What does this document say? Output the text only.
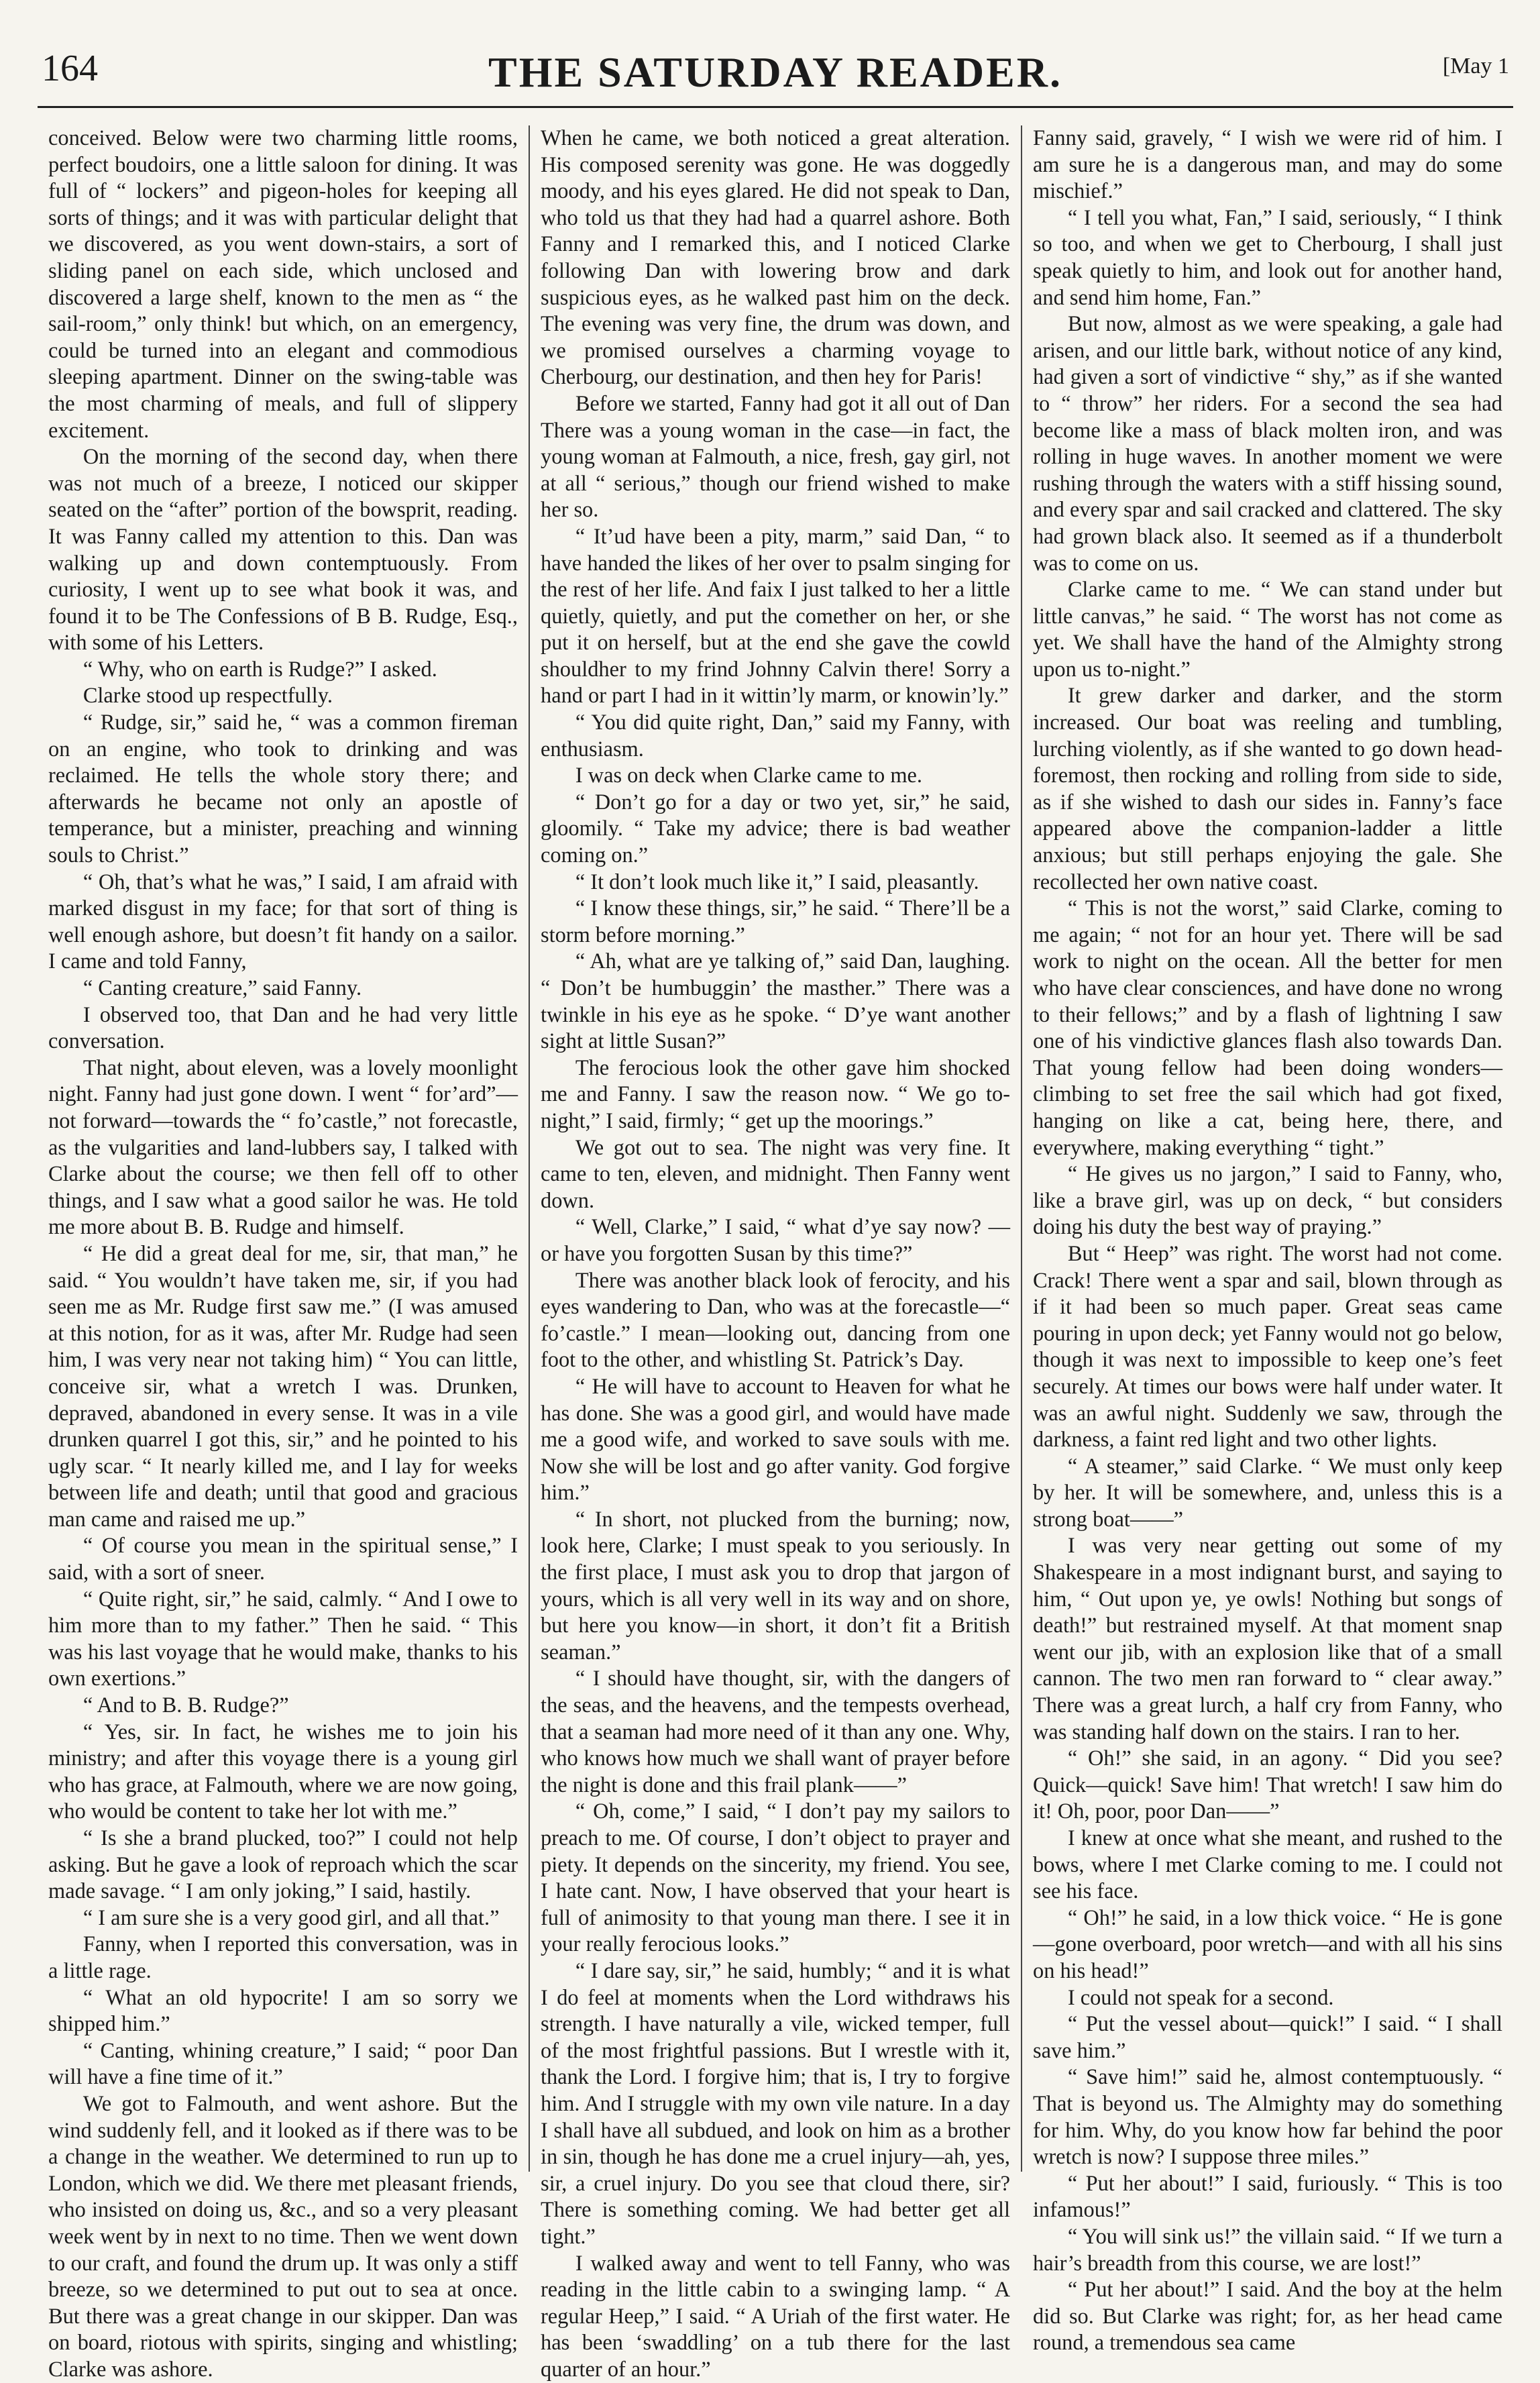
164	THE SATURDAY READER.	[May 1

conceived. Below were two charming little rooms, perfect boudoirs, one a little saloon for dining. It was full of “ lockers” and pigeon-holes for keeping all sorts of things; and it was with particular delight that we discovered, as you went down-stairs, a sort of sliding panel on each side, which unclosed and discovered a large shelf, known to the men as “ the sail-room,” only think! but which, on an emergency, could be turned into an elegant and commodious sleeping apartment. Dinner on the swing-table was the most charming of meals, and full of slippery excitement.

On the morning of the second day, when there was not much of a breeze, I noticed our skipper seated on the “after” portion of the bowsprit, reading. It was Fanny called my attention to this. Dan was walking up and down contemptuously. From curiosity, I went up to see what book it was, and found it to be The Confessions of B B. Rudge, Esq., with some of his Letters.

“ Why, who on earth is Rudge?” I asked.

Clarke stood up respectfully.

“ Rudge, sir,” said he, “ was a common fireman on an engine, who took to drinking and was reclaimed. He tells the whole story there; and afterwards he became not only an apostle of temperance, but a minister, preaching and winning souls to Christ.”

“ Oh, that’s what he was,” I said, I am afraid with marked disgust in my face; for that sort of thing is well enough ashore, but doesn’t fit handy on a sailor. I came and told Fanny,

“ Canting creature,” said Fanny.

I observed too, that Dan and he had very little conversation.

That night, about eleven, was a lovely moonlight night. Fanny had just gone down. I went “ for’ard”—not forward—towards the “ fo’castle,” not forecastle, as the vulgarities and land-lubbers say, I talked with Clarke about the course; we then fell off to other things, and I saw what a good sailor he was. He told me more about B. B. Rudge and himself.

“ He did a great deal for me, sir, that man,” he said. “ You wouldn’t have taken me, sir, if you had seen me as Mr. Rudge first saw me.” (I was amused at this notion, for as it was, after Mr. Rudge had seen him, I was very near not taking him) “ You can little, conceive sir, what a wretch I was. Drunken, depraved, abandoned in every sense. It was in a vile drunken quarrel I got this, sir,” and he pointed to his ugly scar. “ It nearly killed me, and I lay for weeks between life and death; until that good and gracious man came and raised me up.”

“ Of course you mean in the spiritual sense,” I said, with a sort of sneer.

“ Quite right, sir,” he said, calmly. “ And I owe to him more than to my father.” Then he said. “ This was his last voyage that he would make, thanks to his own exertions.”

“ And to B. B. Rudge?”

“ Yes, sir. In fact, he wishes me to join his ministry; and after this voyage there is a young girl who has grace, at Falmouth, where we are now going, who would be content to take her lot with me.”

“ Is she a brand plucked, too?” I could not help asking. But he gave a look of reproach which the scar made savage. “ I am only joking,” I said, hastily.

“ I am sure she is a very good girl, and all that.”

Fanny, when I reported this conversation, was in a little rage.

“ What an old hypocrite! I am so sorry we shipped him.”

“ Canting, whining creature,” I said; “ poor Dan will have a fine time of it.”

We got to Falmouth, and went ashore. But the wind suddenly fell, and it looked as if there was to be a change in the weather. We determined to run up to London, which we did. We there met pleasant friends, who insisted on doing us, &c., and so a very pleasant week went by in next to no time. Then we went down to our craft, and found the drum up. It was only a stiff breeze, so we determined to put out to sea at once. But there was a great change in our skipper. Dan was on board, riotous with spirits, singing and whistling; Clarke was ashore.

When he came, we both noticed a great alteration. His composed serenity was gone. He was doggedly moody, and his eyes glared. He did not speak to Dan, who told us that they had had a quarrel ashore. Both Fanny and I remarked this, and I noticed Clarke following Dan with lowering brow and dark suspicious eyes, as he walked past him on the deck. The evening was very fine, the drum was down, and we promised ourselves a charming voyage to Cherbourg, our destination, and then hey for Paris!

Before we started, Fanny had got it all out of Dan There was a young woman in the case—in fact, the young woman at Falmouth, a nice, fresh, gay girl, not at all “ serious,” though our friend wished to make her so.

“ It’ud have been a pity, marm,” said Dan, “ to have handed the likes of her over to psalm singing for the rest of her life. And faix I just talked to her a little quietly, quietly, and put the comether on her, or she put it on herself, but at the end she gave the cowld shouldher to my frind Johnny Calvin there! Sorry a hand or part I had in it wittin’ly marm, or knowin’ly.”

“ You did quite right, Dan,” said my Fanny, with enthusiasm.

I was on deck when Clarke came to me.

“ Don’t go for a day or two yet, sir,” he said, gloomily. “ Take my advice; there is bad weather coming on.”

“ It don’t look much like it,” I said, pleasantly.

“ I know these things, sir,” he said. “ There’ll be a storm before morning.”

“ Ah, what are ye talking of,” said Dan, laughing. “ Don’t be humbuggin’ the masther.” There was a twinkle in his eye as he spoke. “ D’ye want another sight at little Susan?”

The ferocious look the other gave him shocked me and Fanny. I saw the reason now. “ We go to-night,” I said, firmly; “ get up the moorings.”

We got out to sea. The night was very fine. It came to ten, eleven, and midnight. Then Fanny went down.

“ Well, Clarke,” I said, “ what d’ye say now? —or have you forgotten Susan by this time?”

There was another black look of ferocity, and his eyes wandering to Dan, who was at the forecastle—“ fo’castle.” I mean—looking out, dancing from one foot to the other, and whistling St. Patrick’s Day.

“ He will have to account to Heaven for what he has done. She was a good girl, and would have made me a good wife, and worked to save souls with me. Now she will be lost and go after vanity. God forgive him.”

“ In short, not plucked from the burning; now, look here, Clarke; I must speak to you seriously. In the first place, I must ask you to drop that jargon of yours, which is all very well in its way and on shore, but here you know—in short, it don’t fit a British seaman.”

“ I should have thought, sir, with the dangers of the seas, and the heavens, and the tempests overhead, that a seaman had more need of it than any one. Why, who knows how much we shall want of prayer before the night is done and this frail plank——”

“ Oh, come,” I said, “ I don’t pay my sailors to preach to me. Of course, I don’t object to prayer and piety. It depends on the sincerity, my friend. You see, I hate cant. Now, I have observed that your heart is full of animosity to that young man there. I see it in your really ferocious looks.”

“ I dare say, sir,” he said, humbly; “ and it is what I do feel at moments when the Lord withdraws his strength. I have naturally a vile, wicked temper, full of the most frightful passions. But I wrestle with it, thank the Lord. I forgive him; that is, I try to forgive him. And I struggle with my own vile nature. In a day I shall have all subdued, and look on him as a brother in sin, though he has done me a cruel injury—ah, yes, sir, a cruel injury. Do you see that cloud there, sir? There is something coming. We had better get all tight.”

I walked away and went to tell Fanny, who was reading in the little cabin to a swinging lamp. “ A regular Heep,” I said. “ A Uriah of the first water. He has been ‘swaddling’ on a tub there for the last quarter of an hour.”

Fanny said, gravely, “ I wish we were rid of him. I am sure he is a dangerous man, and may do some mischief.”

“ I tell you what, Fan,” I said, seriously, “ I think so too, and when we get to Cherbourg, I shall just speak quietly to him, and look out for another hand, and send him home, Fan.”

But now, almost as we were speaking, a gale had arisen, and our little bark, without notice of any kind, had given a sort of vindictive “ shy,” as if she wanted to “ throw” her riders. For a second the sea had become like a mass of black molten iron, and was rolling in huge waves. In another moment we were rushing through the waters with a stiff hissing sound, and every spar and sail cracked and clattered. The sky had grown black also. It seemed as if a thunderbolt was to come on us.

Clarke came to me. “ We can stand under but little canvas,” he said. “ The worst has not come as yet. We shall have the hand of the Almighty strong upon us to-night.”

It grew darker and darker, and the storm increased. Our boat was reeling and tumbling, lurching violently, as if she wanted to go down head-foremost, then rocking and rolling from side to side, as if she wished to dash our sides in. Fanny’s face appeared above the companion-ladder a little anxious; but still perhaps enjoying the gale. She recollected her own native coast.

“ This is not the worst,” said Clarke, coming to me again; “ not for an hour yet. There will be sad work to night on the ocean. All the better for men who have clear consciences, and have done no wrong to their fellows;” and by a flash of lightning I saw one of his vindictive glances flash also towards Dan. That young fellow had been doing wonders—climbing to set free the sail which had got fixed, hanging on like a cat, being here, there, and everywhere, making everything “ tight.”

“ He gives us no jargon,” I said to Fanny, who, like a brave girl, was up on deck, “ but considers doing his duty the best way of praying.”

But “ Heep” was right. The worst had not come. Crack! There went a spar and sail, blown through as if it had been so much paper. Great seas came pouring in upon deck; yet Fanny would not go below, though it was next to impossible to keep one’s feet securely. At times our bows were half under water. It was an awful night. Suddenly we saw, through the darkness, a faint red light and two other lights.

“ A steamer,” said Clarke. “ We must only keep by her. It will be somewhere, and, unless this is a strong boat——”

I was very near getting out some of my Shakespeare in a most indignant burst, and saying to him, “ Out upon ye, ye owls! Nothing but songs of death!” but restrained myself. At that moment snap went our jib, with an explosion like that of a small cannon. The two men ran forward to “ clear away.” There was a great lurch, a half cry from Fanny, who was standing half down on the stairs. I ran to her.

“ Oh!” she said, in an agony. “ Did you see? Quick—quick! Save him! That wretch! I saw him do it! Oh, poor, poor Dan——”

I knew at once what she meant, and rushed to the bows, where I met Clarke coming to me. I could not see his face.

“ Oh!” he said, in a low thick voice. “ He is gone—gone overboard, poor wretch—and with all his sins on his head!”

I could not speak for a second.

“ Put the vessel about—quick!” I said. “ I shall save him.”

“ Save him!” said he, almost contemptuously. “ That is beyond us. The Almighty may do something for him. Why, do you know how far behind the poor wretch is now? I suppose three miles.”

“ Put her about!” I said, furiously. “ This is too infamous!”

“ You will sink us!” the villain said. “ If we turn a hair’s breadth from this course, we are lost!”

“ Put her about!” I said. And the boy at the helm did so. But Clarke was right; for, as her head came round, a tremendous sea came
